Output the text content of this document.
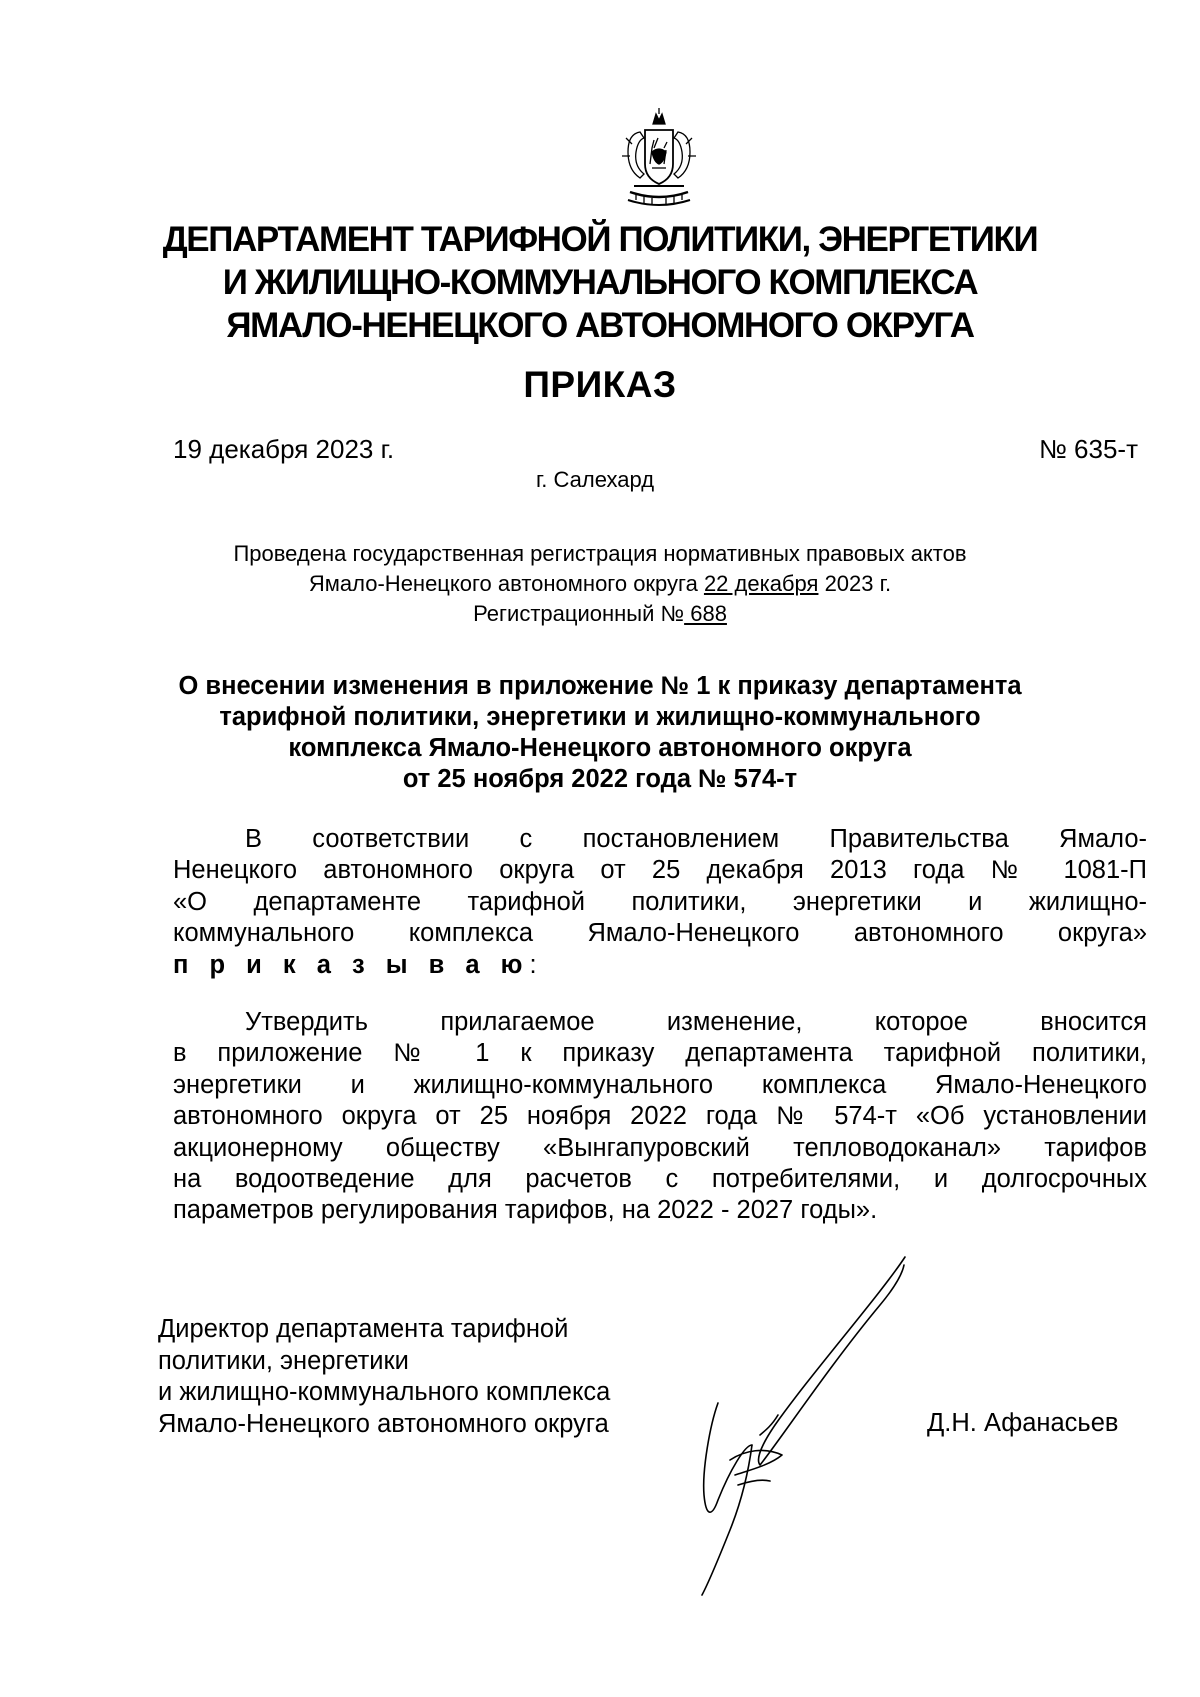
ДЕПАРТАМЕНТ ТАРИФНОЙ ПОЛИТИКИ, ЭНЕРГЕТИКИ
И ЖИЛИЩНО-КОММУНАЛЬНОГО КОМПЛЕКСА
ЯМАЛО-НЕНЕЦКОГО АВТОНОМНОГО ОКРУГА
ПРИКАЗ
19 декабря 2023 г.	№ 635-т
г. Салехард
Проведена государственная регистрация нормативных правовых актов
Ямало-Ненецкого автономного округа 22 декабря 2023 г.
Регистрационный № 688
О внесении изменения в приложение № 1 к приказу департамента
тарифной политики, энергетики и жилищно-коммунального
комплекса Ямало-Ненецкого автономного округа
от 25 ноября 2022 года № 574-т
В соответствии с постановлением Правительства Ямало-
Ненецкого автономного округа от 25 декабря 2013 года № 1081-П
«О департаменте тарифной политики, энергетики и жилищно-
коммунального комплекса Ямало-Ненецкого автономного округа»
п р и к а з ы в а ю:
Утвердить прилагаемое изменение, которое вносится
в приложение № 1 к приказу департамента тарифной политики,
энергетики и жилищно-коммунального комплекса Ямало-Ненецкого
автономного округа от 25 ноября 2022 года № 574-т «Об установлении
акционерному обществу «Вынгапуровский тепловодоканал» тарифов
на водоотведение для расчетов с потребителями, и долгосрочных
параметров регулирования тарифов, на 2022 - 2027 годы».
Директор департамента тарифной
политики, энергетики
и жилищно-коммунального комплекса
Ямало-Ненецкого автономного округа	Д.Н. Афанасьев
